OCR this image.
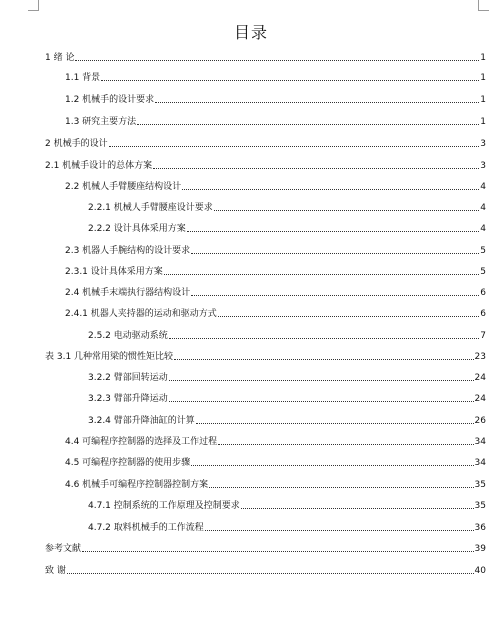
目录
1 绪 论	1
1.1 背景	1
1.2 机械手的设计要求	1
1.3 研究主要方法	1
2 机械手的设计	3
2.1 机械手设计的总体方案	3
2.2 机械人手臂腰座结构设计	4
2.2.1 机械人手臂腰座设计要求	4
2.2.2 设计具体采用方案	4
2.3 机器人手腕结构的设计要求	5
2.3.1 设计具体采用方案	5
2.4 机械手末端执行器结构设计	6
2.4.1 机器人夹持器的运动和驱动方式	6
2.5.2 电动驱动系统	7
表 3.1 几种常用梁的惯性矩比较	23
3.2.2 臂部回转运动	24
3.2.3 臂部升降运动	24
3.2.4 臂部升降油缸的计算	26
4.4 可编程序控制器的选择及工作过程	34
4.5 可编程序控制器的使用步骤	34
4.6 机械手可编程序控制器控制方案	35
4.7.1 控制系统的工作原理及控制要求	35
4.7.2 取料机械手的工作流程	36
参考文献	39
致 谢	40
